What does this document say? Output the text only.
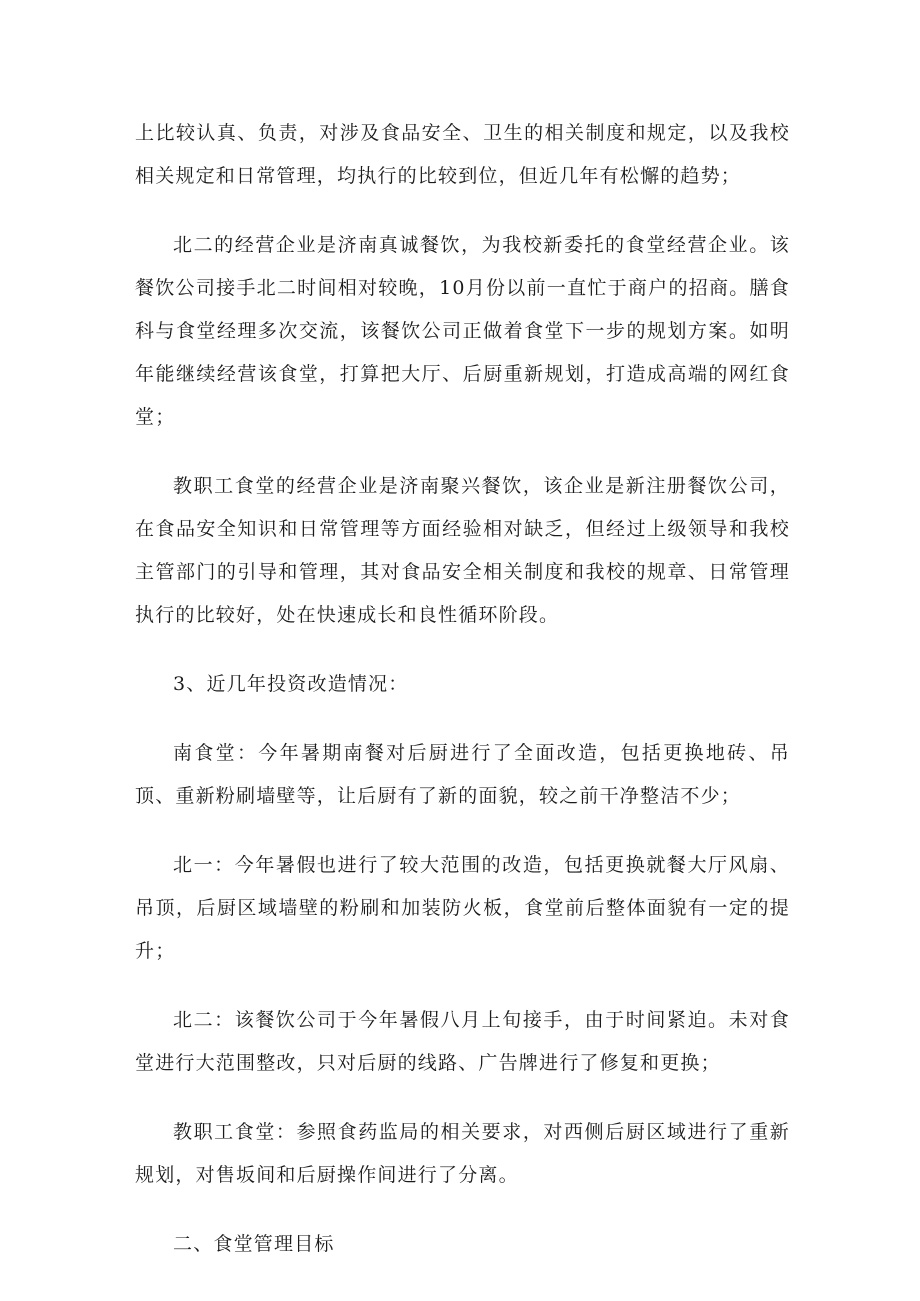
上比较认真、负责，对涉及食品安全、卫生的相关制度和规定，以及我校相关规定和日常管理，均执行的比较到位，但近几年有松懈的趋势；

北二的经营企业是济南真诚餐饮，为我校新委托的食堂经营企业。该餐饮公司接手北二时间相对较晚，10月份以前一直忙于商户的招商。膳食科与食堂经理多次交流，该餐饮公司正做着食堂下一步的规划方案。如明年能继续经营该食堂，打算把大厅、后厨重新规划，打造成高端的网红食堂；

教职工食堂的经营企业是济南聚兴餐饮，该企业是新注册餐饮公司，在食品安全知识和日常管理等方面经验相对缺乏，但经过上级领导和我校主管部门的引导和管理，其对食品安全相关制度和我校的规章、日常管理执行的比较好，处在快速成长和良性循环阶段。

3、近几年投资改造情况：

南食堂：今年暑期南餐对后厨进行了全面改造，包括更换地砖、吊顶、重新粉刷墙壁等，让后厨有了新的面貌，较之前干净整洁不少；

北一：今年暑假也进行了较大范围的改造，包括更换就餐大厅风扇、吊顶，后厨区域墙壁的粉刷和加装防火板，食堂前后整体面貌有一定的提升；

北二：该餐饮公司于今年暑假八月上旬接手，由于时间紧迫。未对食堂进行大范围整改，只对后厨的线路、广告牌进行了修复和更换；

教职工食堂：参照食药监局的相关要求，对西侧后厨区域进行了重新规划，对售坂间和后厨操作间进行了分离。

二、食堂管理目标
